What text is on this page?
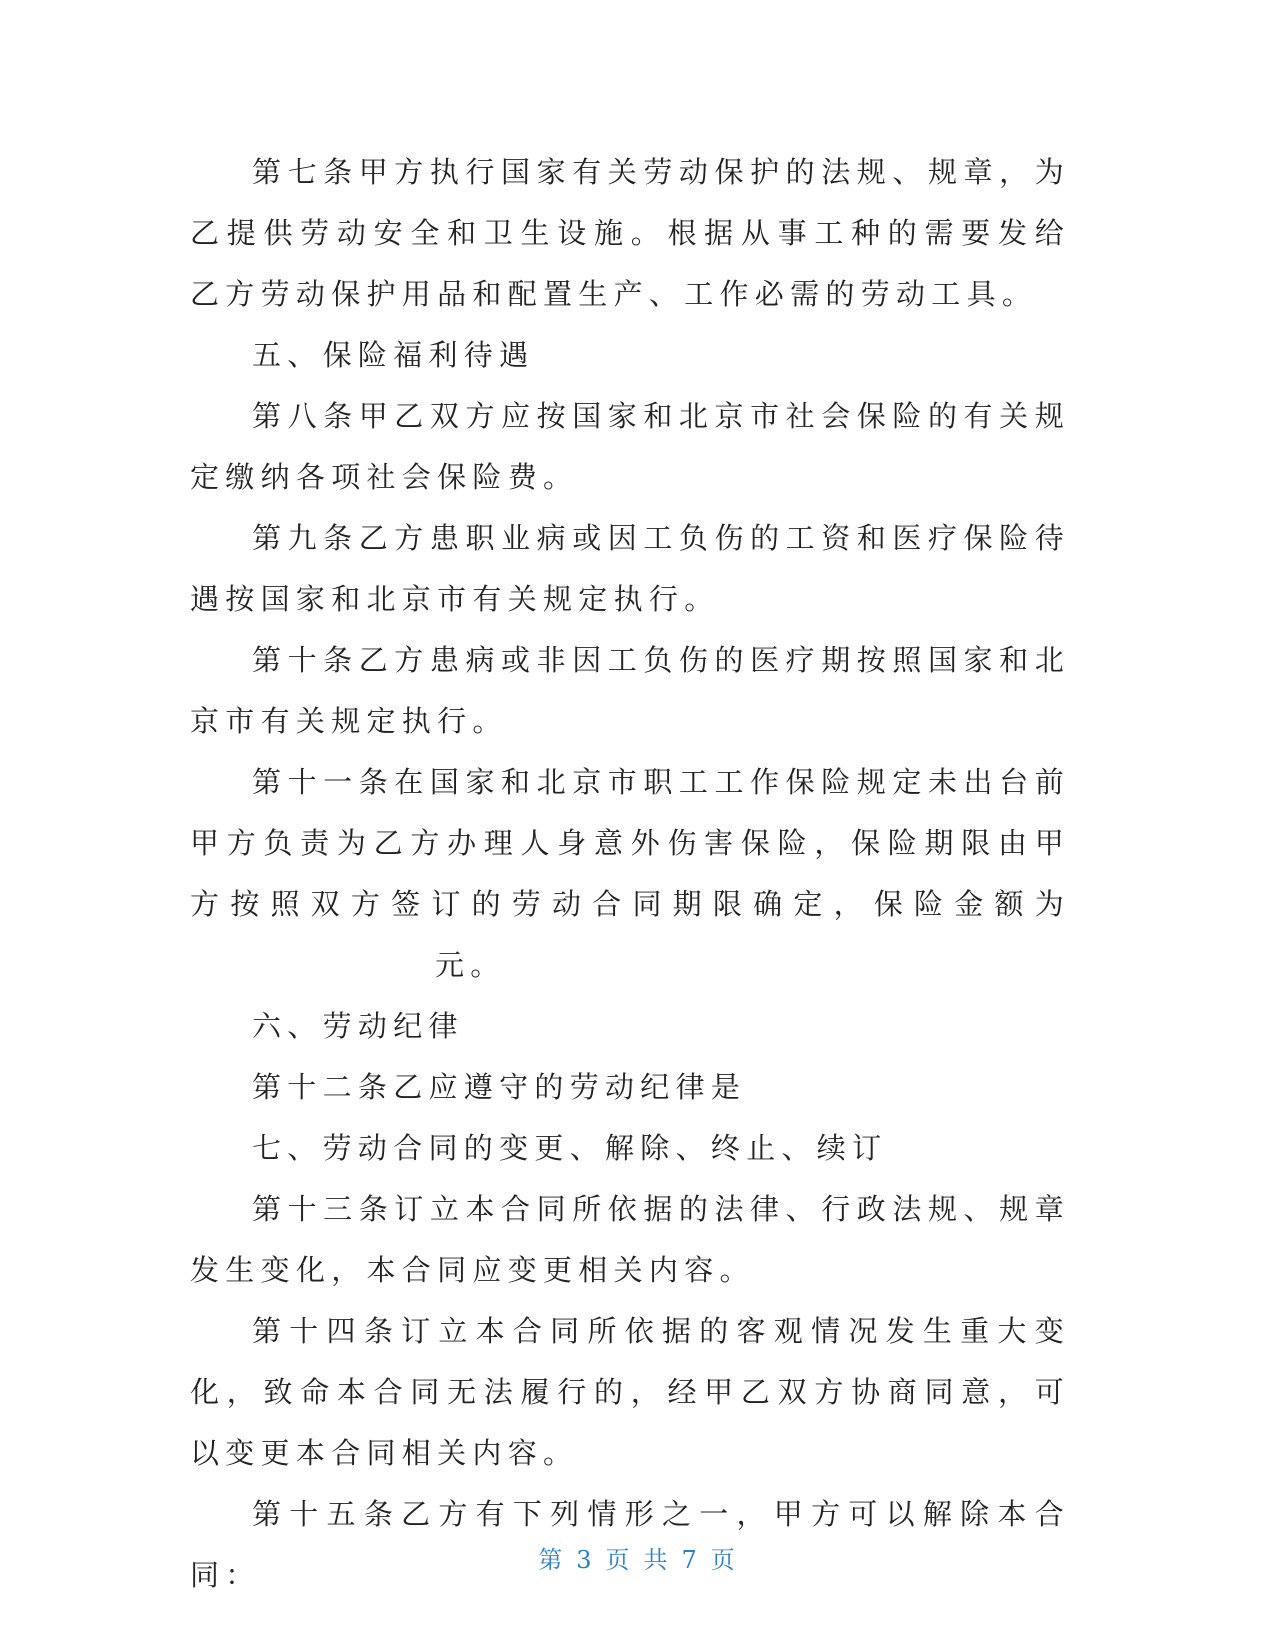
第七条甲方执行国家有关劳动保护的法规、规章，为乙提供劳动安全和卫生设施。根据从事工种的需要发给乙方劳动保护用品和配置生产、工作必需的劳动工具。

五、保险福利待遇

第八条甲乙双方应按国家和北京市社会保险的有关规定缴纳各项社会保险费。

第九条乙方患职业病或因工负伤的工资和医疗保险待遇按国家和北京市有关规定执行。

第十条乙方患病或非因工负伤的医疗期按照国家和北京市有关规定执行。

第十一条在国家和北京市职工工作保险规定未出台前甲方负责为乙方办理人身意外伤害保险，保险期限由甲方按照双方签订的劳动合同期限确定，保险金额为元。

六、劳动纪律

第十二条乙应遵守的劳动纪律是

七、劳动合同的变更、解除、终止、续订

第十三条订立本合同所依据的法律、行政法规、规章发生变化，本合同应变更相关内容。

第十四条订立本合同所依据的客观情况发生重大变化，致命本合同无法履行的，经甲乙双方协商同意，可以变更本合同相关内容。

第十五条乙方有下列情形之一，甲方可以解除本合同：	第 3 页 共 7 页
